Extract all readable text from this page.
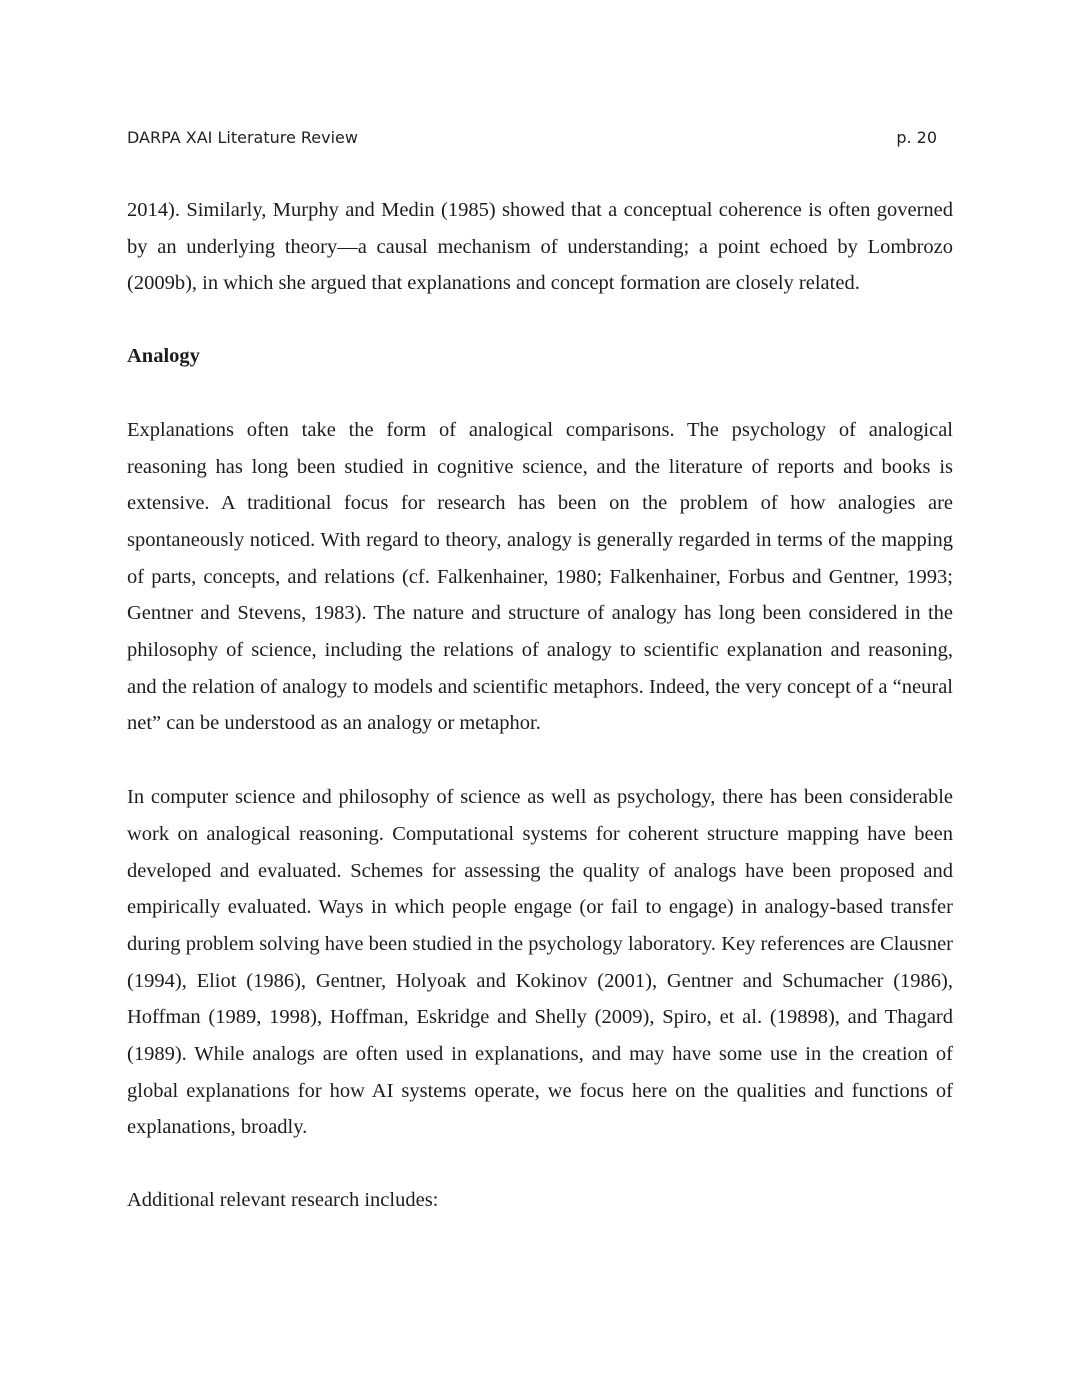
DARPA XAI Literature Review	p. 20

2014). Similarly, Murphy and Medin (1985) showed that a conceptual coherence is often governed by an underlying theory—a causal mechanism of understanding; a point echoed by Lombrozo (2009b), in which she argued that explanations and concept formation are closely related.

Analogy

Explanations often take the form of analogical comparisons. The psychology of analogical reasoning has long been studied in cognitive science, and the literature of reports and books is extensive. A traditional focus for research has been on the problem of how analogies are spontaneously noticed. With regard to theory, analogy is generally regarded in terms of the mapping of parts, concepts, and relations (cf. Falkenhainer, 1980; Falkenhainer, Forbus and Gentner, 1993; Gentner and Stevens, 1983). The nature and structure of analogy has long been considered in the philosophy of science, including the relations of analogy to scientific explanation and reasoning, and the relation of analogy to models and scientific metaphors. Indeed, the very concept of a “neural net” can be understood as an analogy or metaphor.

In computer science and philosophy of science as well as psychology, there has been considerable work on analogical reasoning. Computational systems for coherent structure mapping have been developed and evaluated. Schemes for assessing the quality of analogs have been proposed and empirically evaluated. Ways in which people engage (or fail to engage) in analogy-based transfer during problem solving have been studied in the psychology laboratory. Key references are Clausner (1994), Eliot (1986), Gentner, Holyoak and Kokinov (2001), Gentner and Schumacher (1986), Hoffman (1989, 1998), Hoffman, Eskridge and Shelly (2009), Spiro, et al. (19898), and Thagard (1989). While analogs are often used in explanations, and may have some use in the creation of global explanations for how AI systems operate, we focus here on the qualities and functions of explanations, broadly.

Additional relevant research includes:
